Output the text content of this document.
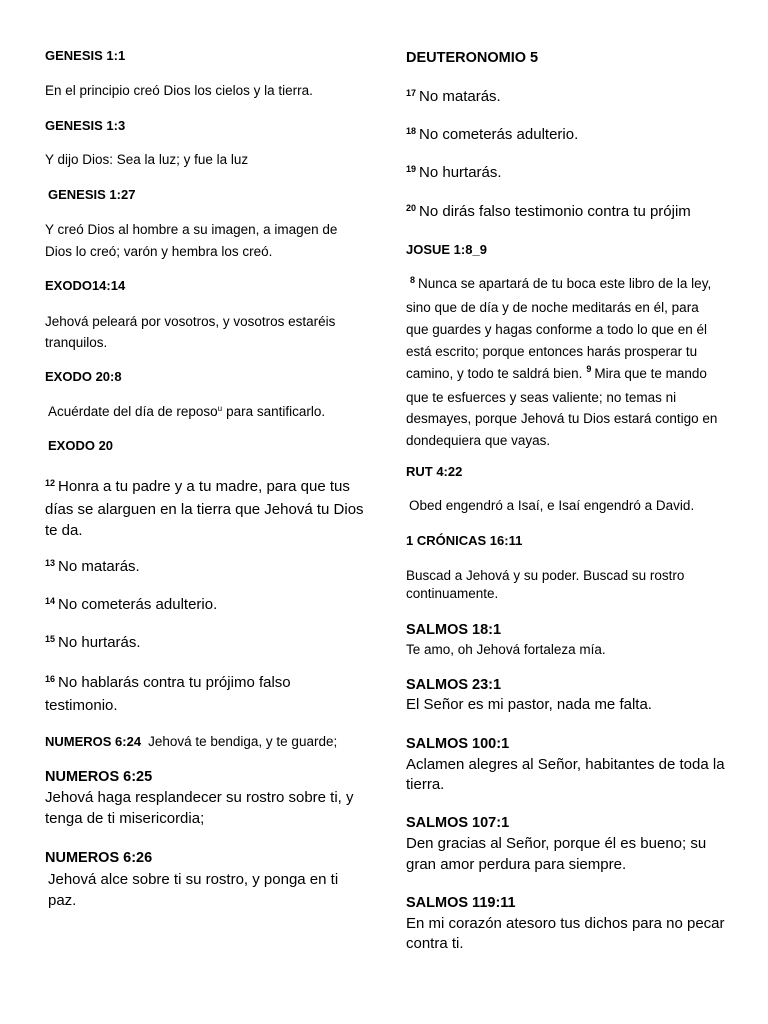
GENESIS 1:1
En el principio creó Dios los cielos y la tierra.
GENESIS 1:3
Y dijo Dios: Sea la luz; y fue la luz
GENESIS 1:27
Y creó Dios al hombre a su imagen, a imagen de
Dios lo creó; varón y hembra los creó.
EXODO14:14
Jehová peleará por vosotros, y vosotros estaréis
tranquilos.
EXODO 20:8
Acuérdate del día de reposo$^u$ para santificarlo.
EXODO 20
$^{12}$ Honra a tu padre y a tu madre, para que tus
días se alarguen en la tierra que Jehová tu Dios
te da.
$^{13}$ No matarás.
$^{14}$ No cometerás adulterio.
$^{15}$ No hurtarás.
$^{16}$ No hablarás contra tu prójimo falso
testimonio.
NUMEROS 6:24 Jehová te bendiga, y te guarde;
NUMEROS 6:25
Jehová haga resplandecer su rostro sobre ti, y
tenga de ti misericordia;
NUMEROS 6:26
Jehová alce sobre ti su rostro, y ponga en ti
paz.
DEUTERONOMIO 5
$^{17}$ No matarás.
$^{18}$ No cometerás adulterio.
$^{19}$ No hurtarás.
$^{20}$ No dirás falso testimonio contra tu prójim
JOSUE 1:8_9
$^8$ Nunca se apartará de tu boca este libro de la ley,
sino que de día y de noche meditarás en él, para
que guardes y hagas conforme a todo lo que en él
está escrito; porque entonces harás prosperar tu
camino, y todo te saldrá bien. $^9$ Mira que te mando
que te esfuerces y seas valiente; no temas ni
desmayes, porque Jehová tu Dios estará contigo en
dondequiera que vayas.
RUT 4:22
Obed engendró a Isaí, e Isaí engendró a David.
1 CRÓNICAS 16:11
Buscad a Jehová y su poder. Buscad su rostro
continuamente.
SALMOS 18:1
Te amo, oh Jehová fortaleza mía.
SALMOS 23:1
El Señor es mi pastor, nada me falta.
SALMOS 100:1
Aclamen alegres al Señor, habitantes de toda la
tierra.
SALMOS 107:1
Den gracias al Señor, porque él es bueno; su
gran amor perdura para siempre.
SALMOS 119:11
En mi corazón atesoro tus dichos para no pecar
contra ti.
